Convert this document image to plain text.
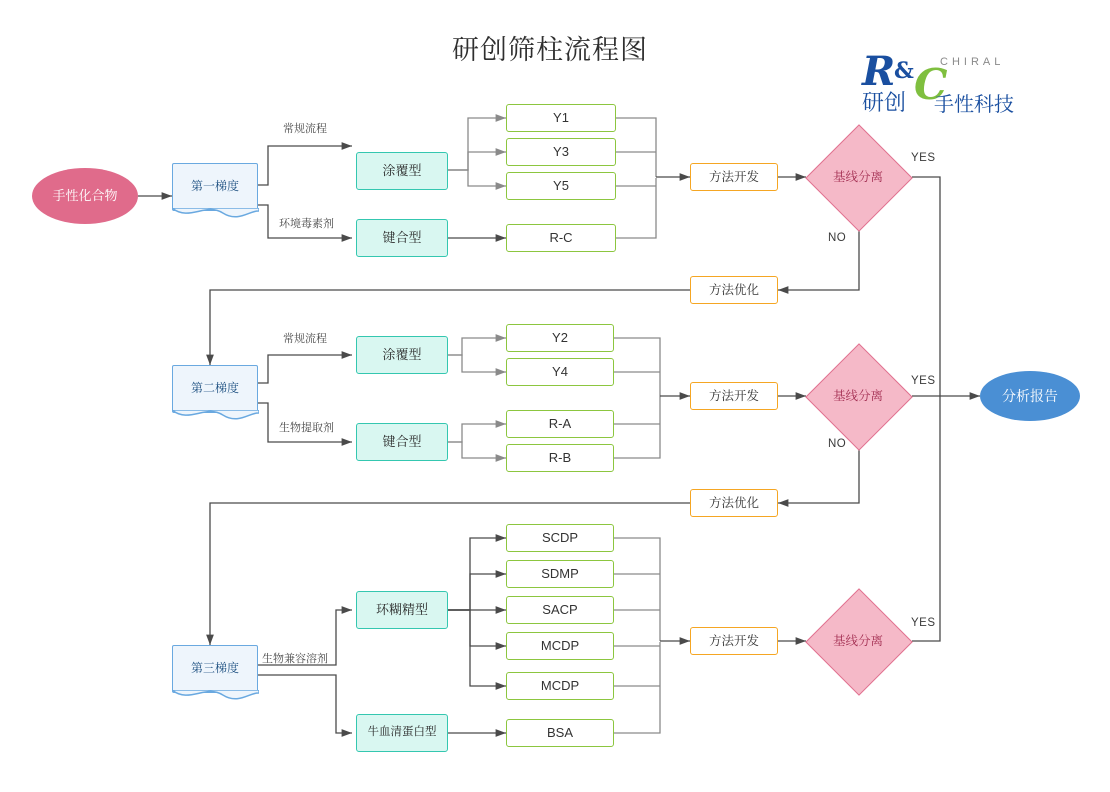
研创筛柱流程图	R
& C
CHIRAL
研创 手性科技
手性化合物
第一梯度
第二梯度
第三梯度
涂覆型
键合型
涂覆型
键合型
环糊精型
牛血清蛋白型
Y1
Y3
Y5
R-C
Y2
Y4
R-A
R-B
SCDP
SDMP
SACP
MCDP
MCDP
BSA
方法开发
方法开发
方法开发
方法优化
方法优化
基线分离
基线分离
基线分离
分析报告
常规流程
环境毒素剂
常规流程
生物提取剂
生物兼容溶剂
YES
NO
YES
NO
YES
